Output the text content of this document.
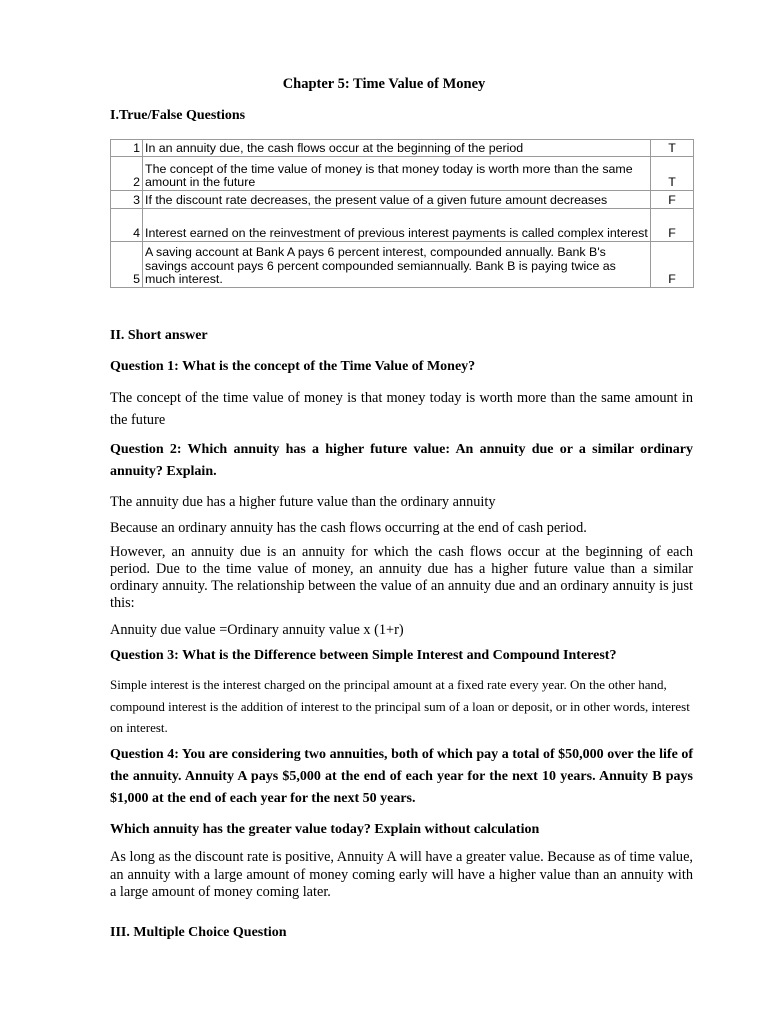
Chapter 5: Time Value of Money

I.True/False Questions

1	In an annuity due, the cash flows occur at the beginning of the period	T
2	The concept of the time value of money is that money today is worth more than the same amount in the future	T
3	If the discount rate decreases, the present value of a given future amount decreases	F
4	Interest earned on the reinvestment of previous interest payments is called complex interest	F
5	A saving account at Bank A pays 6 percent interest, compounded annually. Bank B's savings account pays 6 percent compounded semiannually. Bank B is paying twice as much interest.	F

II. Short answer

Question 1: What is the concept of the Time Value of Money?

The concept of the time value of money is that money today is worth more than the same amount in the future

Question 2: Which annuity has a higher future value: An annuity due or a similar ordinary annuity? Explain.

The annuity due has a higher future value than the ordinary annuity

Because an ordinary annuity has the cash flows occurring at the end of cash period.

However, an annuity due is an annuity for which the cash flows occur at the beginning of each period. Due to the time value of money, an annuity due has a higher future value than a similar ordinary annuity. The relationship between the value of an annuity due and an ordinary annuity is just this:

Annuity due value =Ordinary annuity value x (1+r)

Question 3: What is the Difference between Simple Interest and Compound Interest?

Simple interest is the interest charged on the principal amount at a fixed rate every year. On the other hand, compound interest is the addition of interest to the principal sum of a loan or deposit, or in other words, interest on interest.

Question 4: You are considering two annuities, both of which pay a total of $50,000 over the life of the annuity. Annuity A pays $5,000 at the end of each year for the next 10 years. Annuity B pays $1,000 at the end of each year for the next 50 years.

Which annuity has the greater value today? Explain without calculation

As long as the discount rate is positive, Annuity A will have a greater value. Because as of time value, an annuity with a large amount of money coming early will have a higher value than an annuity with a large amount of money coming later.

III. Multiple Choice Question
